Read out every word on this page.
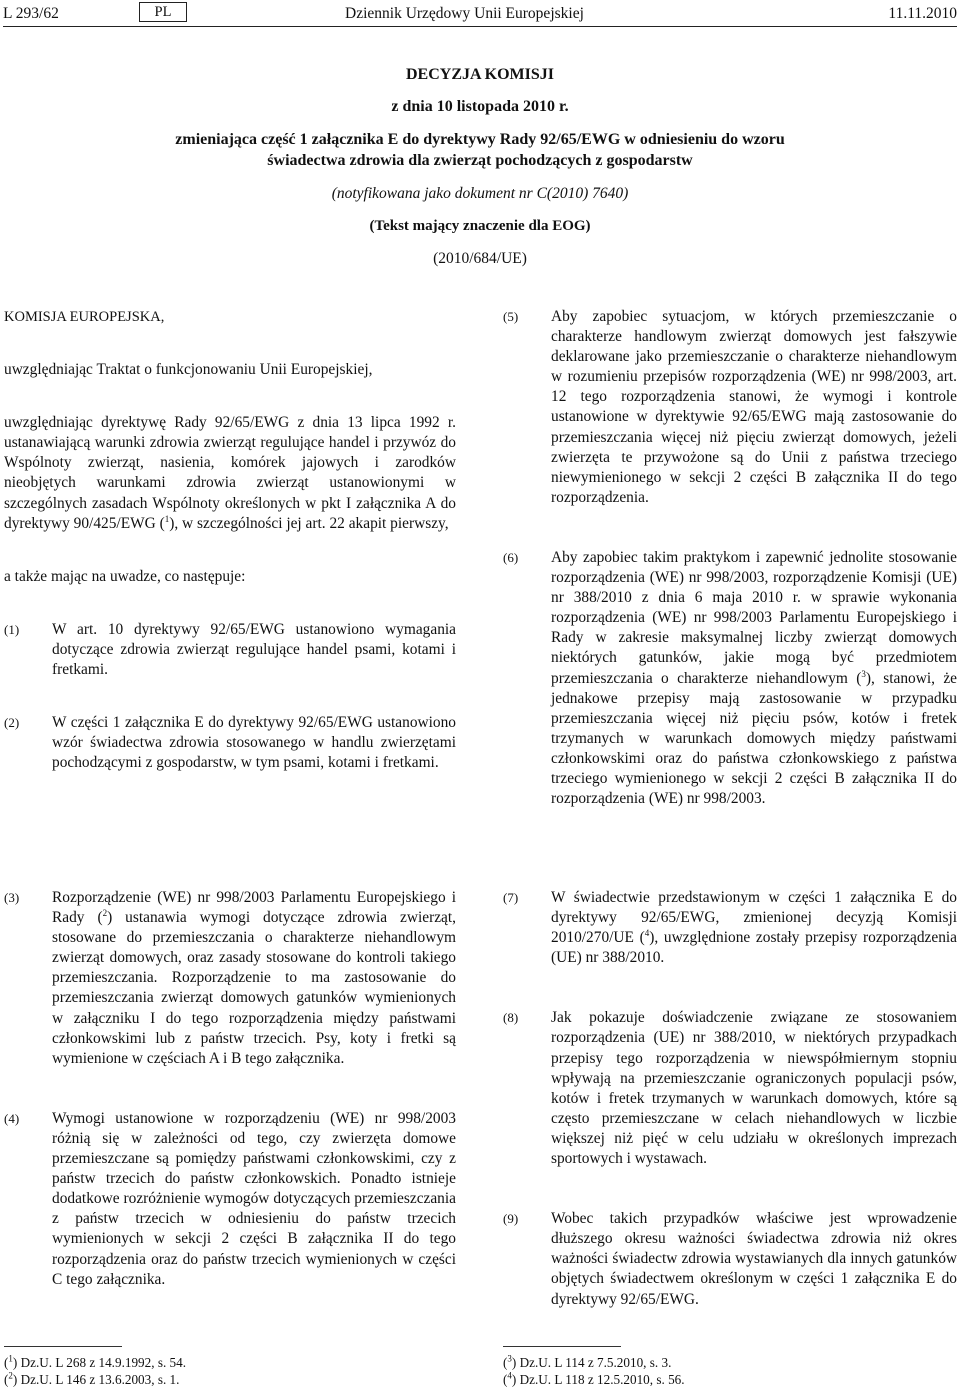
L 293/62	PL	Dziennik Urzędowy Unii Europejskiej	11.11.2010
DECYZJA KOMISJI
z dnia 10 listopada 2010 r.
zmieniająca część 1 załącznika E do dyrektywy Rady 92/65/EWG w odniesieniu do wzoru
świadectwa zdrowia dla zwierząt pochodzących z gospodarstw
(notyfikowana jako dokument nr C(2010) 7640)
(Tekst mający znaczenie dla EOG)
(2010/684/UE)

KOMISJA EUROPEJSKA,

uwzględniając Traktat o funkcjonowaniu Unii Europejskiej,

uwzględniając dyrektywę Rady 92/65/EWG z dnia 13 lipca 1992 r. ustanawiającą warunki zdrowia zwierząt regulujące handel i przywóz do Wspólnoty zwierząt, nasienia, komórek jajowych i zarodków nieobjętych warunkami zdrowia zwierząt ustanowionymi w szczególnych zasadach Wspólnoty określonych w pkt I załącznika A do dyrektywy 90/425/EWG ($^1$), w szczególności jej art. 22 akapit pierwszy,

a także mając na uwadze, co następuje:

(1) W art. 10 dyrektywy 92/65/EWG ustanowiono wymagania dotyczące zdrowia zwierząt regulujące handel psami, kotami i fretkami.

(2) W części 1 załącznika E do dyrektywy 92/65/EWG ustanowiono wzór świadectwa zdrowia stosowanego w handlu zwierzętami pochodzącymi z gospodarstw, w tym psami, kotami i fretkami.

(5) Aby zapobiec sytuacjom, w których przemieszczanie o charakterze handlowym zwierząt domowych jest fałszywie deklarowane jako przemieszczanie o charakterze niehandlowym w rozumieniu przepisów rozporządzenia (WE) nr 998/2003, art. 12 tego rozporządzenia stanowi, że wymogi i kontrole ustanowione w dyrektywie 92/65/EWG mają zastosowanie do przemieszczania więcej niż pięciu zwierząt domowych, jeżeli zwierzęta te przywożone są do Unii z państwa trzeciego niewymienionego w sekcji 2 części B załącznika II do tego rozporządzenia.

(6) Aby zapobiec takim praktykom i zapewnić jednolite stosowanie rozporządzenia (WE) nr 998/2003, rozporządzenie Komisji (UE) nr 388/2010 z dnia 6 maja 2010 r. w sprawie wykonania rozporządzenia (WE) nr 998/2003 Parlamentu Europejskiego i Rady w zakresie maksymalnej liczby zwierząt domowych niektórych gatunków, jakie mogą być przedmiotem przemieszczania o charakterze niehandlowym ($^3$), stanowi, że jednakowe przepisy mają zastosowanie w przypadku przemieszczania więcej niż pięciu psów, kotów i fretek trzymanych w warunkach domowych między państwami członkowskimi oraz do państwa członkowskiego z państwa trzeciego wymienionego w sekcji 2 części B załącznika II do rozporządzenia (WE) nr 998/2003.

(3) Rozporządzenie (WE) nr 998/2003 Parlamentu Europejskiego i Rady ($^2$) ustanawia wymogi dotyczące zdrowia zwierząt, stosowane do przemieszczania o charakterze niehandlowym zwierząt domowych, oraz zasady stosowane do kontroli takiego przemieszczania. Rozporządzenie to ma zastosowanie do przemieszczania zwierząt domowych gatunków wymienionych w załączniku I do tego rozporządzenia między państwami członkowskimi lub z państw trzecich. Psy, koty i fretki są wymienione w częściach A i B tego załącznika.

(4) Wymogi ustanowione w rozporządzeniu (WE) nr 998/2003 różnią się w zależności od tego, czy zwierzęta domowe przemieszczane są pomiędzy państwami członkowskimi, czy z państw trzecich do państw członkowskich. Ponadto istnieje dodatkowe rozróżnienie wymogów dotyczących przemieszczania z państw trzecich w odniesieniu do państw trzecich wymienionych w sekcji 2 części B załącznika II do tego rozporządzenia oraz do państw trzecich wymienionych w części C tego załącznika.

(7) W świadectwie przedstawionym w części 1 załącznika E do dyrektywy 92/65/EWG, zmienionej decyzją Komisji 2010/270/UE ($^4$), uwzględnione zostały przepisy rozporządzenia (UE) nr 388/2010.

(8) Jak pokazuje doświadczenie związane ze stosowaniem rozporządzenia (UE) nr 388/2010, w niektórych przypadkach przepisy tego rozporządzenia w niewspółmiernym stopniu wpływają na przemieszczanie ograniczonych populacji psów, kotów i fretek trzymanych w warunkach domowych, które są często przemieszczane w celach niehandlowych w liczbie większej niż pięć w celu udziału w określonych imprezach sportowych i wystawach.

(9) Wobec takich przypadków właściwe jest wprowadzenie dłuższego okresu ważności świadectwa zdrowia niż okres ważności świadectw zdrowia wystawianych dla innych gatunków objętych świadectwem określonym w części 1 załącznika E do dyrektywy 92/65/EWG.

($^1$) Dz.U. L 268 z 14.9.1992, s. 54.
($^2$) Dz.U. L 146 z 13.6.2003, s. 1.
($^3$) Dz.U. L 114 z 7.5.2010, s. 3.
($^4$) Dz.U. L 118 z 12.5.2010, s. 56.
